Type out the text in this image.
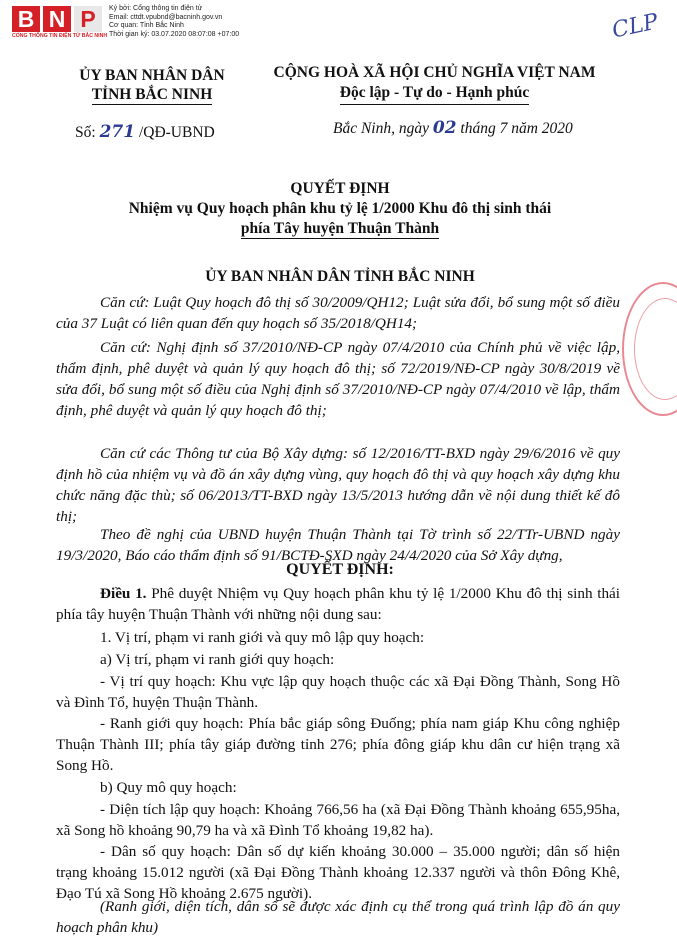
B N P
CỔNG THÔNG TIN ĐIỆN TỬ BẮC NINH
Ký bởi: Cổng thông tin điện tử
Email: cttdt.vpubnd@bacninh.gov.vn
Cơ quan: Tỉnh Bắc Ninh
Thời gian ký: 03.07.2020 08:07:08 +07:00	CLP
ỦY BAN NHÂN DÂN
TỈNH BẮC NINH
CỘNG HOÀ XÃ HỘI CHỦ NGHĨA VIỆT NAM
Độc lập - Tự do - Hạnh phúc
Số: 271 /QĐ-UBND	Bắc Ninh, ngày 02 tháng 7 năm 2020
QUYẾT ĐỊNH
Nhiệm vụ Quy hoạch phân khu tỷ lệ 1/2000 Khu đô thị sinh thái
phía Tây huyện Thuận Thành
ỦY BAN NHÂN DÂN TỈNH BẮC NINH
Căn cứ: Luật Quy hoạch đô thị số 30/2009/QH12; Luật sửa đổi, bổ sung một số điều của 37 Luật có liên quan đến quy hoạch số 35/2018/QH14;
Căn cứ: Nghị định số 37/2010/NĐ-CP ngày 07/4/2010 của Chính phủ về việc lập, thẩm định, phê duyệt và quản lý quy hoạch đô thị; số 72/2019/NĐ-CP ngày 30/8/2019 về sửa đổi, bổ sung một số điều của Nghị định số 37/2010/NĐ-CP ngày 07/4/2010 về lập, thẩm định, phê duyệt và quản lý quy hoạch đô thị;
Căn cứ các Thông tư của Bộ Xây dựng: số 12/2016/TT-BXD ngày 29/6/2016 về quy định hồ của nhiệm vụ và đồ án xây dựng vùng, quy hoạch đô thị và quy hoạch xây dựng khu chức năng đặc thù; số 06/2013/TT-BXD ngày 13/5/2013 hướng dẫn về nội dung thiết kế đô thị;
Theo đề nghị của UBND huyện Thuận Thành tại Tờ trình số 22/TTr-UBND ngày 19/3/2020, Báo cáo thẩm định số 91/BCTĐ-SXD ngày 24/4/2020 của Sở Xây dựng,
QUYẾT ĐỊNH:
Điều 1. Phê duyệt Nhiệm vụ Quy hoạch phân khu tỷ lệ 1/2000 Khu đô thị sinh thái phía tây huyện Thuận Thành với những nội dung sau:
1. Vị trí, phạm vi ranh giới và quy mô lập quy hoạch:
a) Vị trí, phạm vi ranh giới quy hoạch:
- Vị trí quy hoạch: Khu vực lập quy hoạch thuộc các xã Đại Đồng Thành, Song Hồ và Đình Tổ, huyện Thuận Thành.
- Ranh giới quy hoạch: Phía bắc giáp sông Đuống; phía nam giáp Khu công nghiệp Thuận Thành III; phía tây giáp đường tỉnh 276; phía đông giáp khu dân cư hiện trạng xã Song Hồ.
b) Quy mô quy hoạch:
- Diện tích lập quy hoạch: Khoảng 766,56 ha (xã Đại Đồng Thành khoảng 655,95ha, xã Song hồ khoảng 90,79 ha và xã Đình Tổ khoảng 19,82 ha).
- Dân số quy hoạch: Dân số dự kiến khoảng 30.000 – 35.000 người; dân số hiện trạng khoảng 15.012 người (xã Đại Đồng Thành khoảng 12.337 người và thôn Đông Khê, Đạo Tú xã Song Hồ khoảng 2.675 người).
(Ranh giới, diện tích, dân số sẽ được xác định cụ thể trong quá trình lập đồ án quy hoạch phân khu)
